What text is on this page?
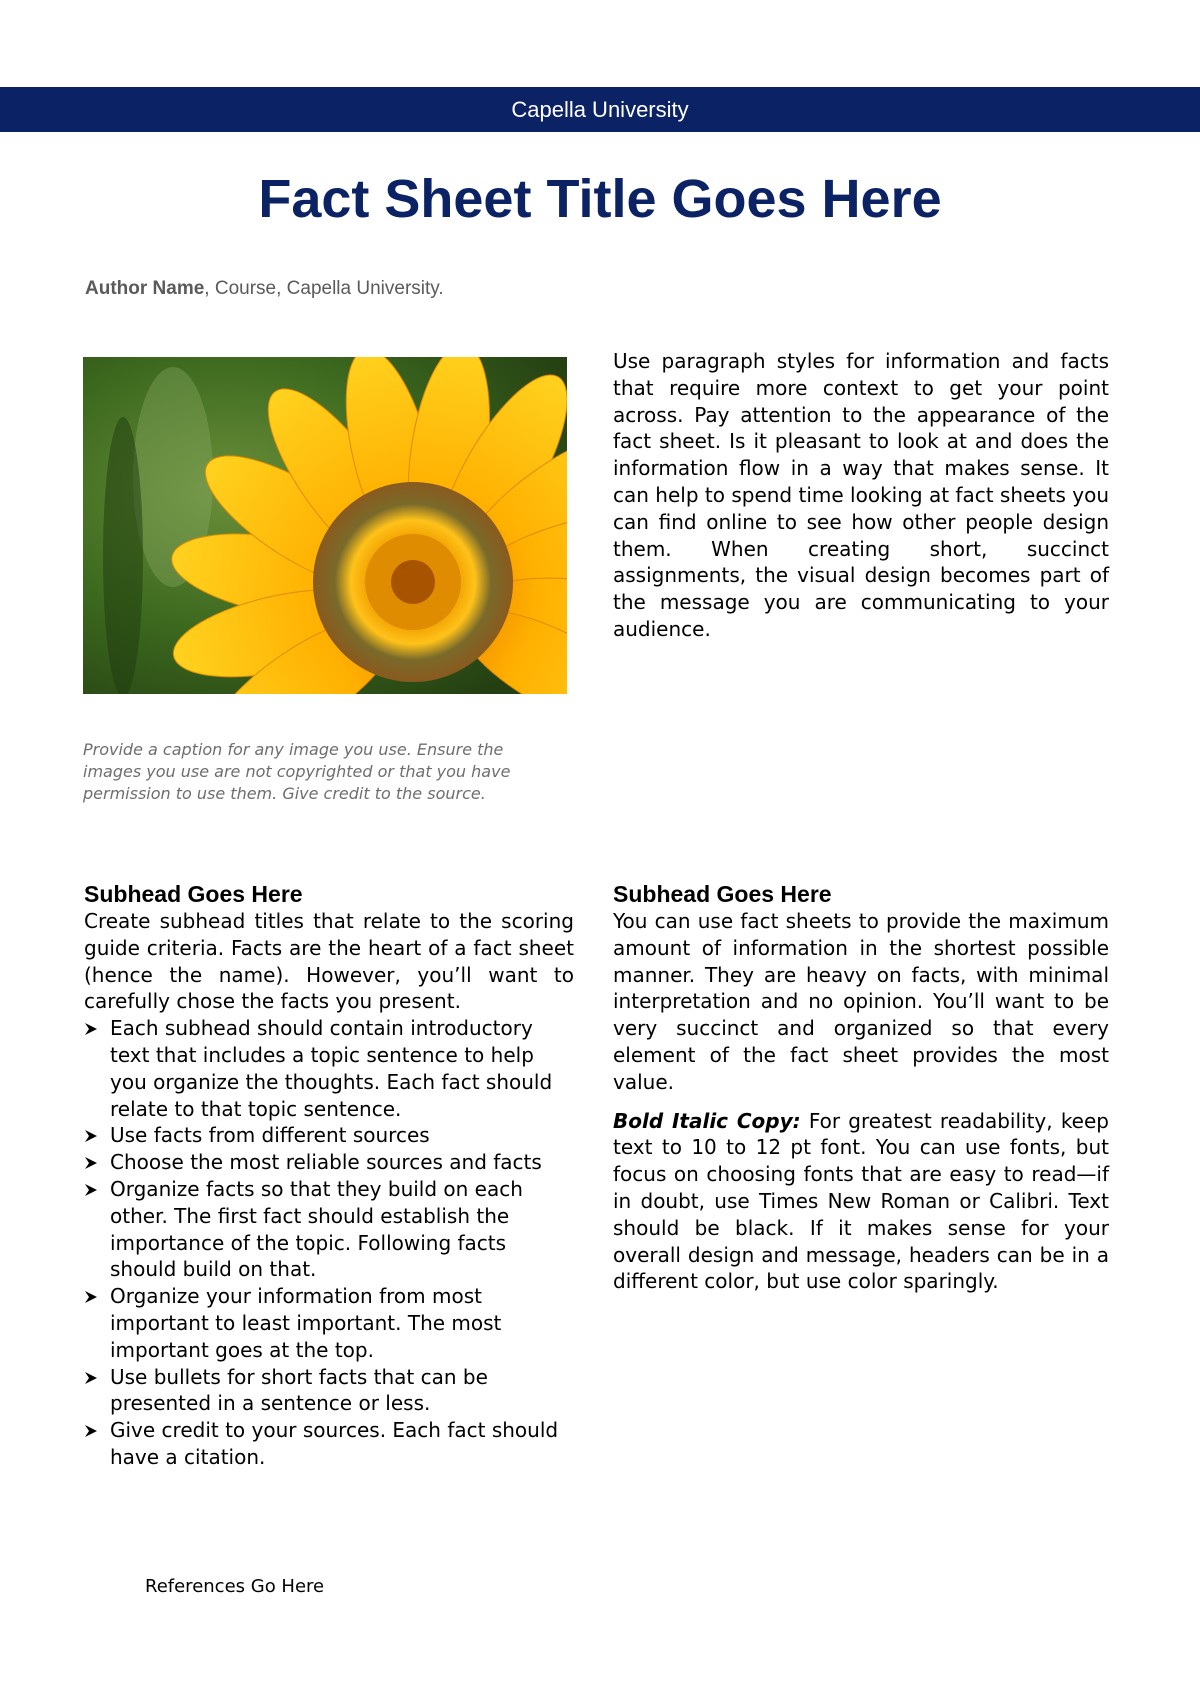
Capella University
Fact Sheet Title Goes Here
Author Name, Course, Capella University.
Provide a caption for any image you use. Ensure the images you use are not copyrighted or that you have permission to use them. Give credit to the source.

Use paragraph styles for information and facts that require more context to get your point across. Pay attention to the appearance of the fact sheet. Is it pleasant to look at and does the information flow in a way that makes sense. It can help to spend time looking at fact sheets you can find online to see how other people design them. When creating short, succinct assignments, the visual design becomes part of the message you are communicating to your audience.

Subhead Goes Here

Create subhead titles that relate to the scoring guide criteria. Facts are the heart of a fact sheet (hence the name). However, you’ll want to carefully chose the facts you present.

Each subhead should contain introductory text that includes a topic sentence to help you organize the thoughts. Each fact should relate to that topic sentence.
Use facts from different sources
Choose the most reliable sources and facts
Organize facts so that they build on each other. The first fact should establish the importance of the topic. Following facts should build on that.
Organize your information from most important to least important. The most important goes at the top.
Use bullets for short facts that can be presented in a sentence or less.
Give credit to your sources. Each fact should have a citation.
Subhead Goes Here

You can use fact sheets to provide the maximum amount of information in the shortest possible manner. They are heavy on facts, with minimal interpretation and no opinion. You’ll want to be very succinct and organized so that every element of the fact sheet provides the most value.

Bold Italic Copy: For greatest readability, keep text to 10 to 12 pt font. You can use fonts, but focus on choosing fonts that are easy to read—if in doubt, use Times New Roman or Calibri. Text should be black. If it makes sense for your overall design and message, headers can be in a different color, but use color sparingly.

References Go Here
